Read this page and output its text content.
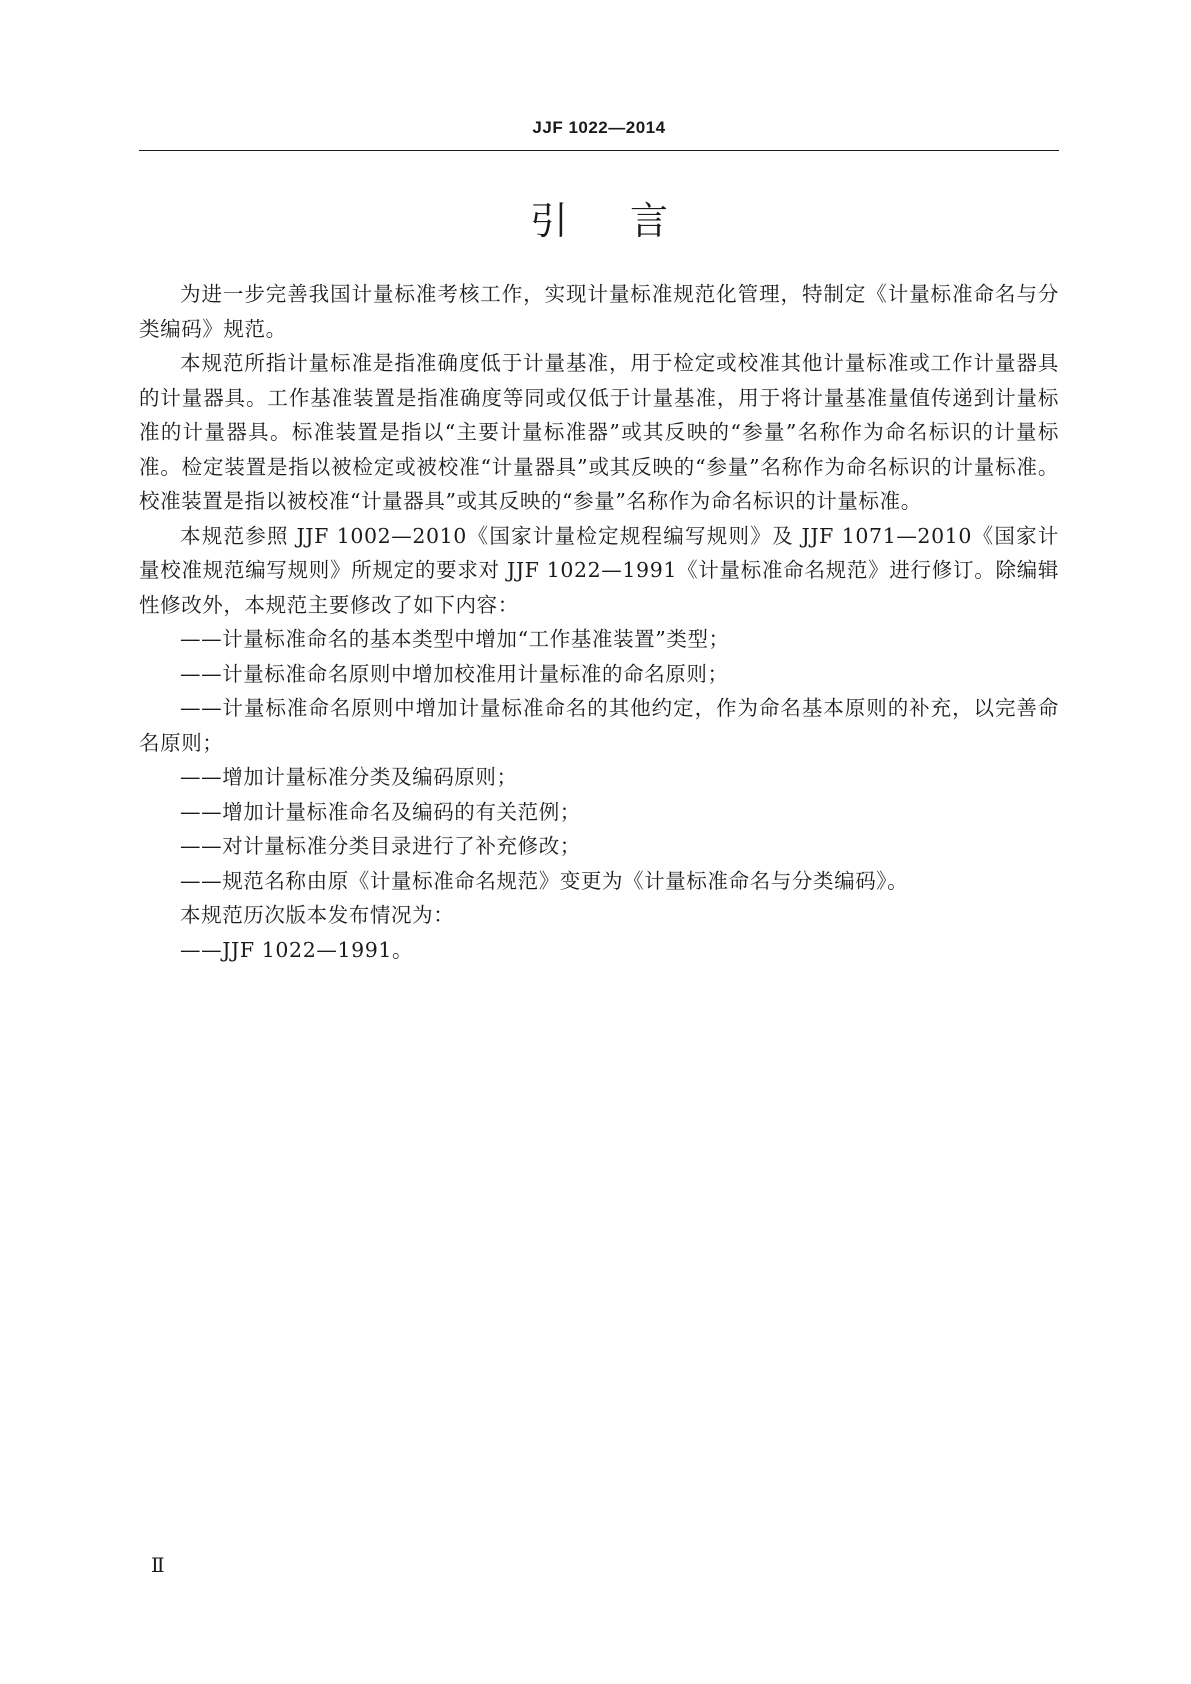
JJF 1022—2014
引言

为进一步完善我国计量标准考核工作，实现计量标准规范化管理，特制定《计量标准命名与分类编码》规范。

本规范所指计量标准是指准确度低于计量基准，用于检定或校准其他计量标准或工作计量器具的计量器具。工作基准装置是指准确度等同或仅低于计量基准，用于将计量基准量值传递到计量标准的计量器具。标准装置是指以“主要计量标准器”或其反映的“参量”名称作为命名标识的计量标准。检定装置是指以被检定或被校准“计量器具”或其反映的“参量”名称作为命名标识的计量标准。校准装置是指以被校准“计量器具”或其反映的“参量”名称作为命名标识的计量标准。

本规范参照 JJF 1002—2010《国家计量检定规程编写规则》及 JJF 1071—2010《国家计量校准规范编写规则》所规定的要求对 JJF 1022—1991《计量标准命名规范》进行修订。除编辑性修改外，本规范主要修改了如下内容：

——计量标准命名的基本类型中增加“工作基准装置”类型；

——计量标准命名原则中增加校准用计量标准的命名原则；

——计量标准命名原则中增加计量标准命名的其他约定，作为命名基本原则的补充，以完善命名原则；

——增加计量标准分类及编码原则；

——增加计量标准命名及编码的有关范例；

——对计量标准分类目录进行了补充修改；

——规范名称由原《计量标准命名规范》变更为《计量标准命名与分类编码》。

本规范历次版本发布情况为：

——JJF 1022—1991。

Ⅱ
